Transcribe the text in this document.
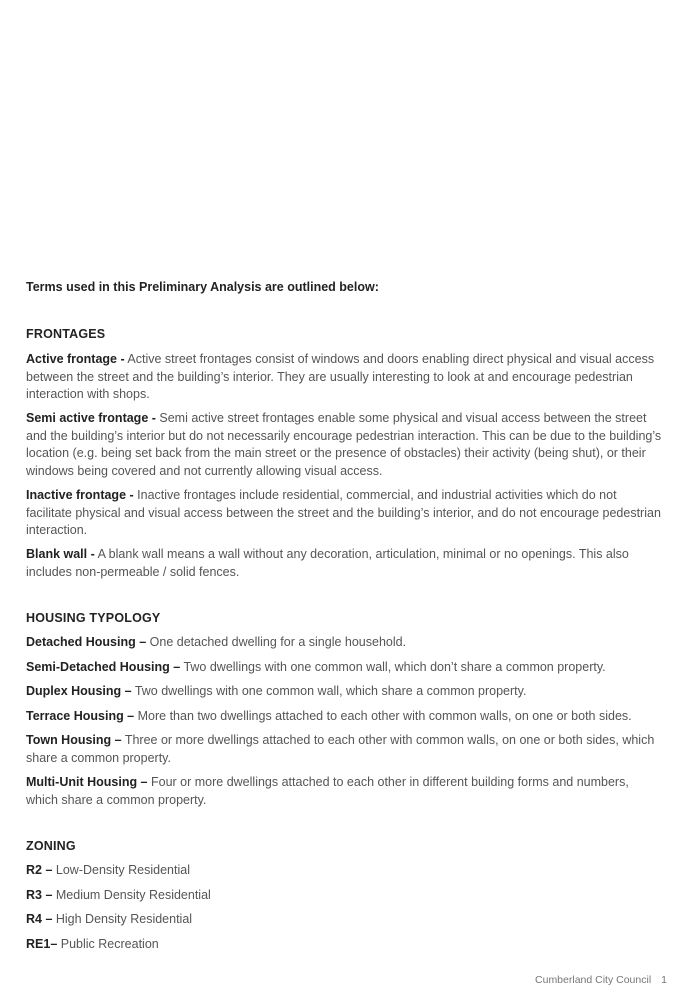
Terms used in this Preliminary Analysis are outlined below:
FRONTAGES

Active frontage - Active street frontages consist of windows and doors enabling direct physical and visual access between the street and the building’s interior. They are usually interesting to look at and encourage pedestrian interaction with shops.

Semi active frontage - Semi active street frontages enable some physical and visual access between the street and the building’s interior but do not necessarily encourage pedestrian interaction. This can be due to the building’s location (e.g. being set back from the main street or the presence of obstacles) their activity (being shut), or their windows being covered and not currently allowing visual access.

Inactive frontage - Inactive frontages include residential, commercial, and industrial activities which do not facilitate physical and visual access between the street and the building’s interior, and do not encourage pedestrian interaction.

Blank wall - A blank wall means a wall without any decoration, articulation, minimal or no openings. This also includes non-permeable / solid fences.

HOUSING TYPOLOGY

Detached Housing – One detached dwelling for a single household.

Semi-Detached Housing – Two dwellings with one common wall, which don’t share a common property.

Duplex Housing – Two dwellings with one common wall, which share a common property.

Terrace Housing – More than two dwellings attached to each other with common walls, on one or both sides.

Town Housing – Three or more dwellings attached to each other with common walls, on one or both sides, which share a common property.

Multi-Unit Housing – Four or more dwellings attached to each other in different building forms and numbers, which share a common property.

ZONING

R2 – Low-Density Residential

R3 – Medium Density Residential

R4 – High Density Residential

RE1– Public Recreation

Cumberland City Council 1
